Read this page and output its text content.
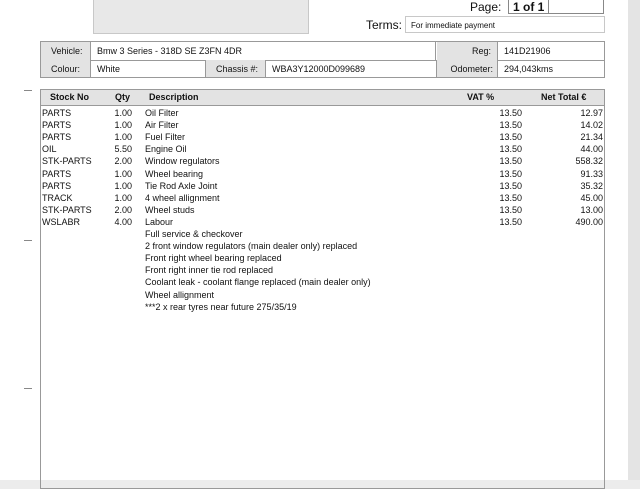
Page: 1 of 1
Terms:	For immediate payment
Vehicle:	Bmw 3 Series - 318D SE Z3FN 4DR	Reg:	141D21906
Colour:	White	Chassis #:	WBA3Y12000D099689	Odometer:	294,043kms
Stock No	Qty Description	VAT %	Net Total €
PARTS	1.00 Oil Filter	13.50	12.97
PARTS	1.00 Air Filter	13.50	14.02
PARTS	1.00 Fuel Filter	13.50	21.34
OIL	5.50 Engine Oil	13.50	44.00
STK-PARTS	2.00 Window regulators	13.50	558.32
PARTS	1.00 Wheel bearing	13.50	91.33
PARTS	1.00 Tie Rod Axle Joint	13.50	35.32
TRACK	1.00 4 wheel allignment	13.50	45.00
STK-PARTS	2.00 Wheel studs	13.50	13.00
WSLABR	4.00 Labour	13.50	490.00
Full service & checkover
2 front window regulators (main dealer only) replaced
Front right wheel bearing replaced
Front right inner tie rod replaced
Coolant leak - coolant flange replaced (main dealer only)
Wheel allignment
***2 x rear tyres near future 275/35/19
